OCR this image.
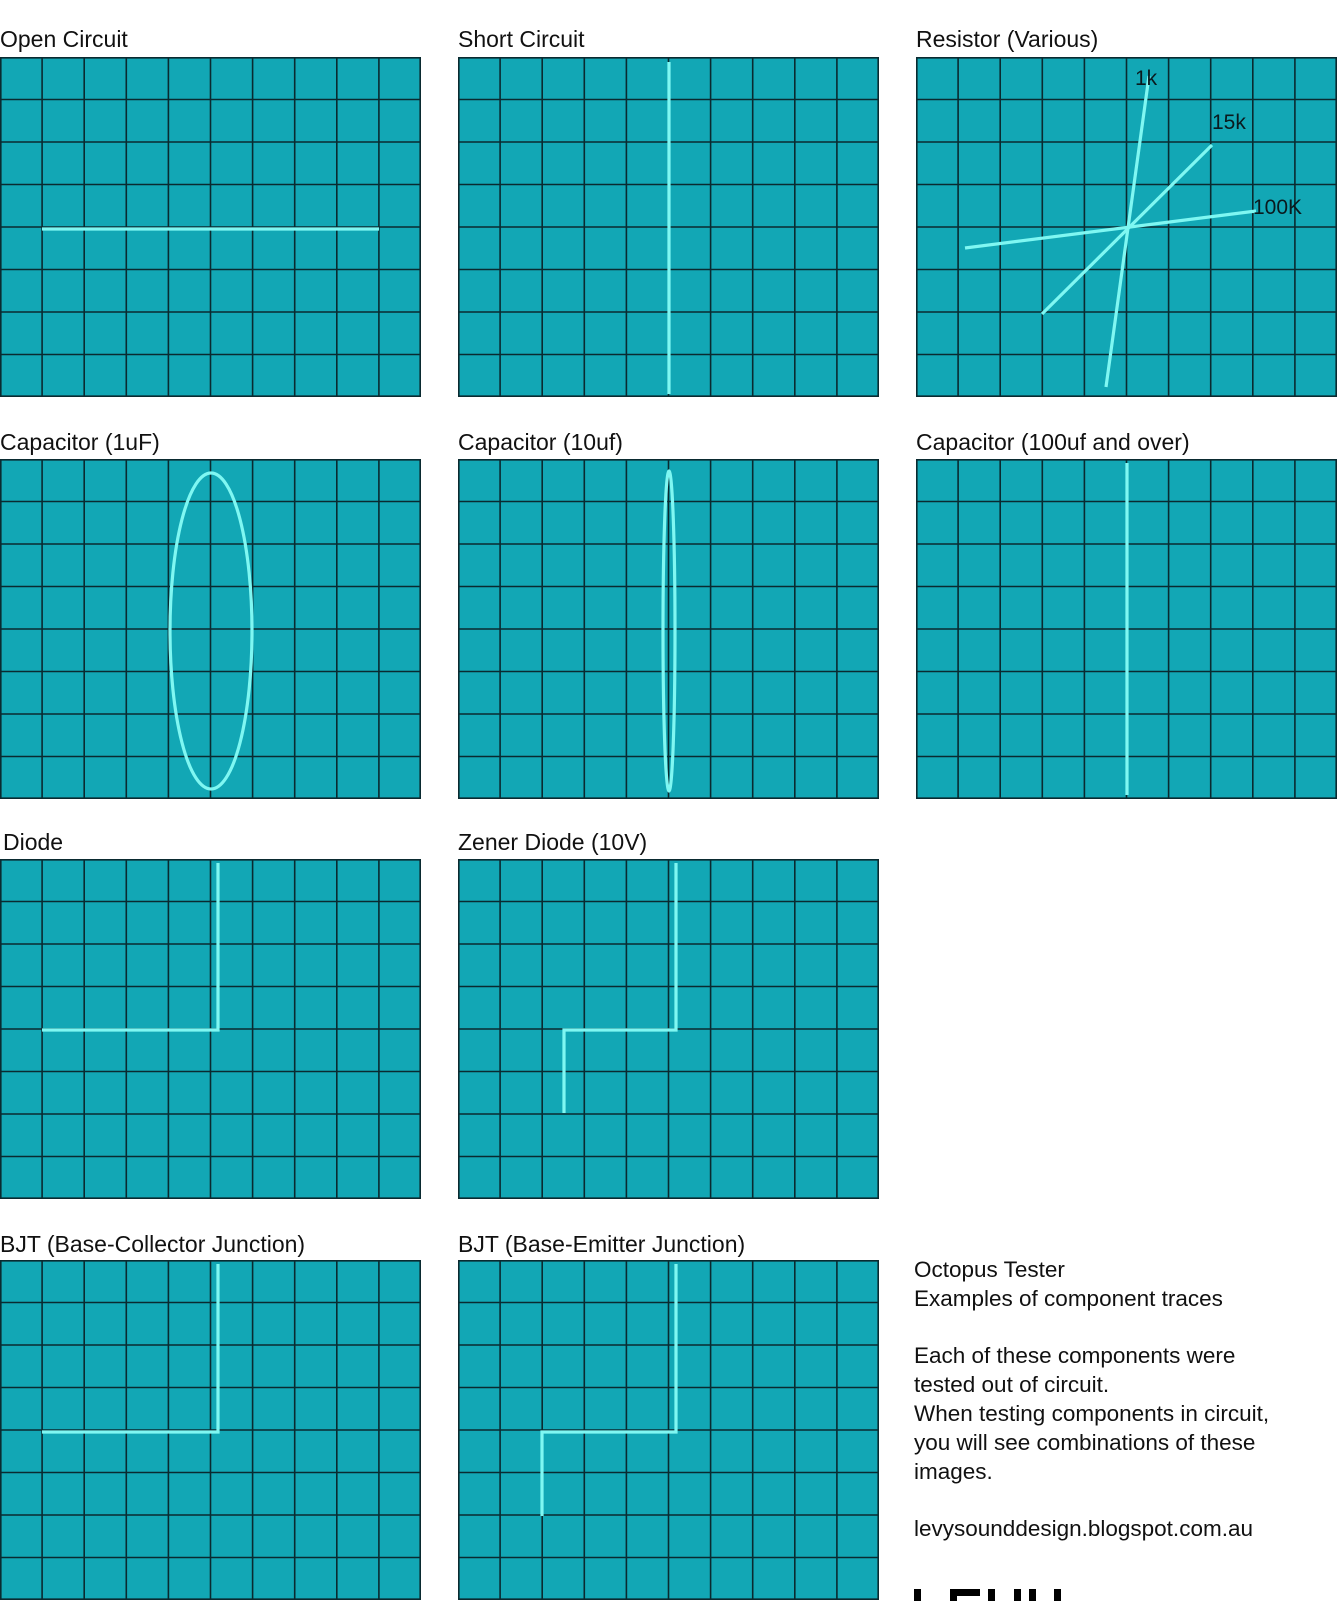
Open Circuit	Short Circuit	Resistor (Various)
1k
15k
100K
Capacitor (1uF)	Capacitor (10uf)	Capacitor (100uf and over)
Diode	Zener Diode (10V)
BJT (Base-Collector Junction)	BJT (Base-Emitter Junction)
Octopus Tester
Examples of component traces
Each of these components were
tested out of circuit.
When testing components in circuit,
you will see combinations of these
images.
levysounddesign.blogspot.com.au
